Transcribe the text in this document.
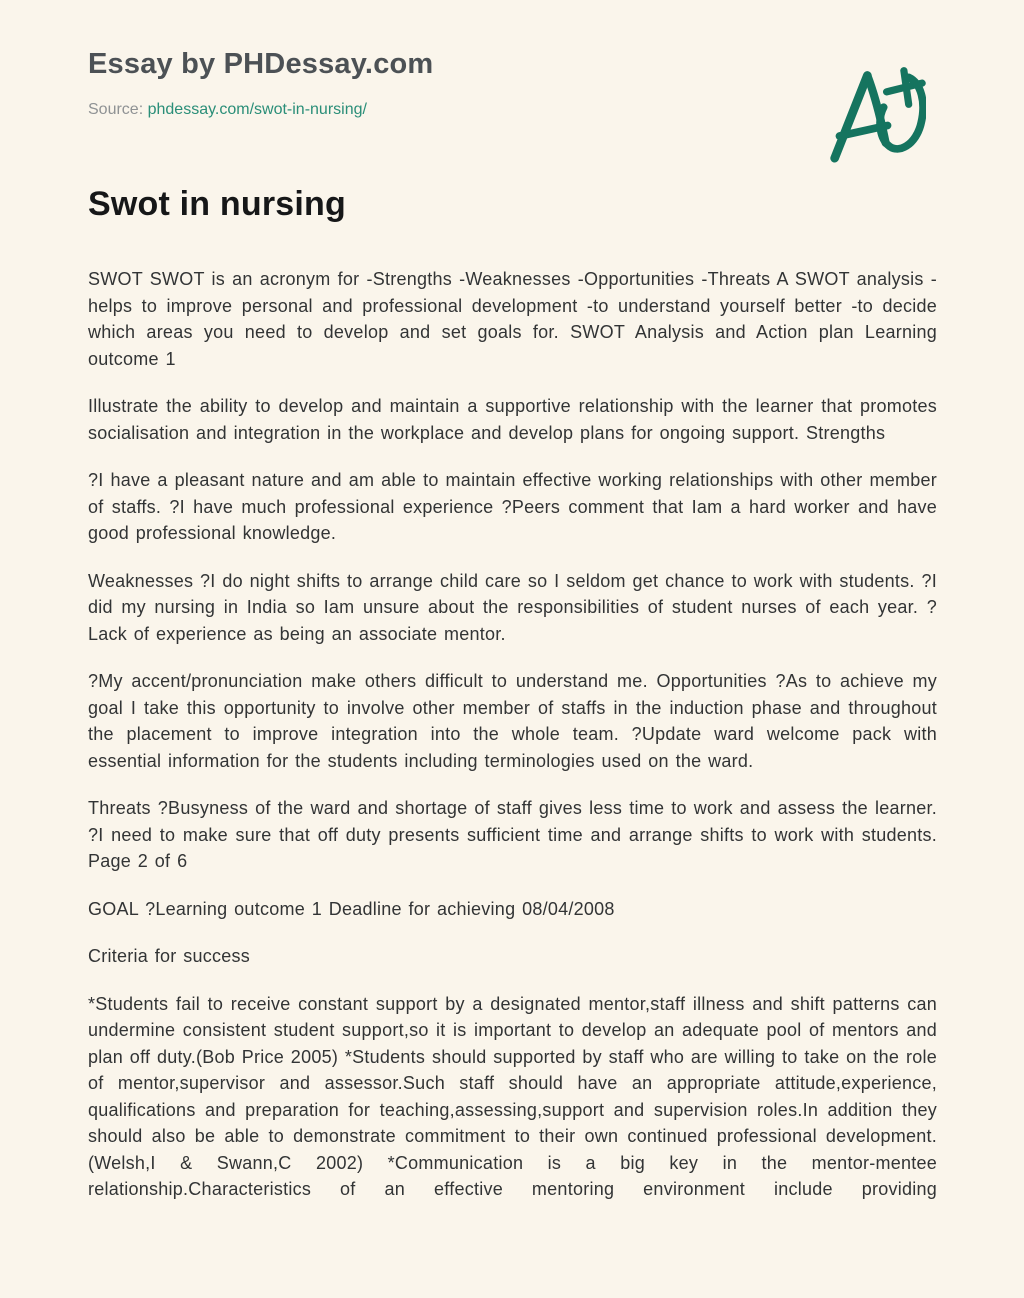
Essay by PHDessay.com
Source: phdessay.com/swot-in-nursing/
Swot in nursing

SWOT SWOT is an acronym for -Strengths -Weaknesses -Opportunities -Threats A SWOT analysis -helps to improve personal and professional development -to understand yourself better -to decide which areas you need to develop and set goals for. SWOT Analysis and Action plan Learning outcome 1

Illustrate the ability to develop and maintain a supportive relationship with the learner that promotes socialisation and integration in the workplace and develop plans for ongoing support. Strengths

?I have a pleasant nature and am able to maintain effective working relationships with other member of staffs. ?I have much professional experience ?Peers comment that Iam a hard worker and have good professional knowledge.

Weaknesses ?I do night shifts to arrange child care so I seldom get chance to work with students. ?I did my nursing in India so Iam unsure about the responsibilities of student nurses of each year. ?Lack of experience as being an associate mentor.

?My accent/pronunciation make others difficult to understand me. Opportunities ?As to achieve my goal I take this opportunity to involve other member of staffs in the induction phase and throughout the placement to improve integration into the whole team. ?Update ward welcome pack with essential information for the students including terminologies used on the ward.

Threats ?Busyness of the ward and shortage of staff gives less time to work and assess the learner. ?I need to make sure that off duty presents sufficient time and arrange shifts to work with students. Page 2 of 6

GOAL ?Learning outcome 1 Deadline for achieving 08/04/2008

Criteria for success

*Students fail to receive constant support by a designated mentor,staff illness and shift patterns can undermine consistent student support,so it is important to develop an adequate pool of mentors and plan off duty.(Bob Price 2005) *Students should supported by staff who are willing to take on the role of mentor,supervisor and assessor.Such staff should have an appropriate attitude,experience, qualifications and preparation for teaching,assessing,support and supervision roles.In addition they should also be able to demonstrate commitment to their own continued professional development.(Welsh,I & Swann,C 2002) *Communication is a big key in the mentor-mentee relationship.Characteristics of an effective mentoring environment include providing
